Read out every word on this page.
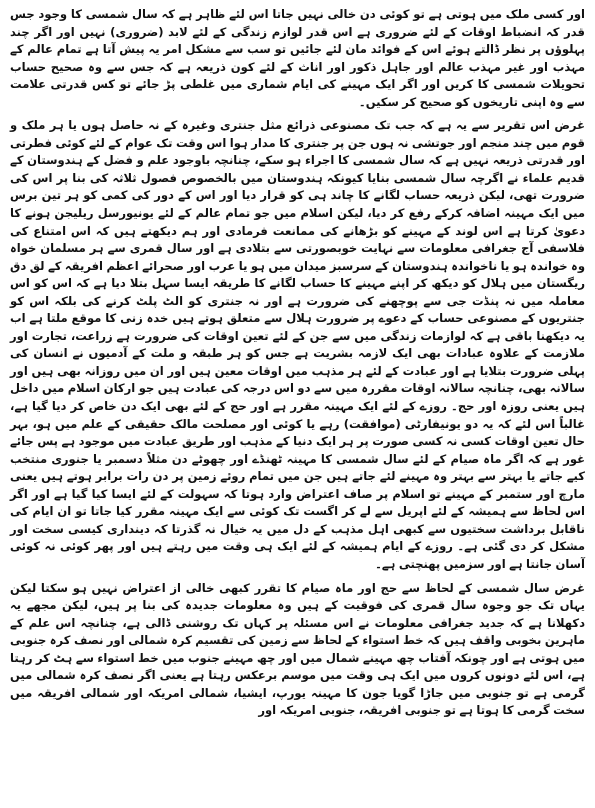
اور کسی ملک میں ہوتی ہے تو کوئی دن خالی نہیں جاتا اس لئے ظاہر ہے کہ سال شمسی کا وجود جس قدر کہ انضباط اوقات کے لئے ضروری ہے اس قدر لوازم زندگی کے لئے لابد (ضروری) نہیں اور اگر چند پہلوؤں پر نظر ڈالتے ہوئے اس کے فوائد مان لئے جائیں تو سب سے مشکل امر یہ پیش آتا ہے تمام عالم کے مہذب اور غیر مہذب عالم اور جاہل ذکور اور اناث کے لئے کون ذریعہ ہے کہ جس سے وہ صحیح حساب تحویلات شمسی کا کریں اور اگر ایک مہینے کی ایام شماری میں غلطی پڑ جائے تو کس قدرتی علامت سے وہ اپنی تاریخوں کو صحیح کر سکیں۔

غرض اس تقریر سے یہ ہے کہ جب تک مصنوعی ذرائع مثل جنتری وغیرہ کے نہ حاصل ہوں یا ہر ملک و قوم میں چند منجم اور جوتشی نہ ہوں جن پر جنتری کا مدار ہوا اس وقت تک عوام کے لئے کوئی فطرتی اور قدرتی ذریعہ نہیں ہے کہ سال شمسی کا اجراء ہو سکے، چنانچہ باوجود علم و فضل کے ہندوستان کے قدیم علماء نے اگرچہ سال شمسی بنایا کیونکہ ہندوستان میں بالخصوص فصول ثلاثہ کی بنا پر اس کی ضرورت تھی، لیکن ذریعہ حساب لگانے کا چاند ہی کو قرار دیا اور اس کے دور کی کمی کو ہر تین برس میں ایک مہینہ اضافہ کرکے رفع کر دیا، لیکن اسلام میں جو تمام عالم کے لئے یونیورسل ریلیجن ہونے کا دعویٰ کرتا ہے اس لوند کے مہینے کو بڑھانے کی ممانعت فرمادی اور ہم دیکھتے ہیں کہ اس امتناع کی فلاسفی آج جغرافی معلومات سے نہایت خوبصورتی سے بتلادی ہے اور سال قمری سے ہر مسلمان خواہ وہ خواندہ ہو یا ناخواندہ ہندوستان کے سرسبز میدان میں ہو یا عرب اور صحرائے اعظم افریقہ کے لق دق ریگستان میں ہلال کو دیکھ کر اپنے مہینے کا حساب لگانے کا طریقہ ایسا سہل بتلا دیا ہے کہ اس کو اس معاملہ میں نہ پنڈت جی سے پوچھنے کی ضرورت ہے اور نہ جنتری کو الٹ پلٹ کرنے کی بلکہ اس کو جنتریوں کے مصنوعی حساب کے دعوے پر ضرورت ہلال سے متعلق ہوتے ہیں خدہ زنی کا موقع ملتا ہے اب یہ دیکھنا باقی ہے کہ لوازمات زندگی میں سے جن کے لئے تعین اوقات کی ضرورت ہے زراعت، تجارت اور ملازمت کے علاوہ عبادات بھی ایک لازمہ بشریت ہے جس کو ہر طبقہ و ملت کے آدمیوں نے انسان کی پہلی ضرورت بتلایا ہے اور عبادت کے لئے ہر مذہب میں اوقات معین ہیں اور ان میں روزانہ بھی ہیں اور سالانہ بھی، چنانچہ سالانہ اوقات مقررہ میں سے دو اس درجہ کی عبادت ہیں جو ارکان اسلام میں داخل ہیں یعنی روزہ اور حج۔ روزے کے لئے ایک مہینہ مقرر ہے اور حج کے لئے بھی ایک دن خاص کر دیا گیا ہے، غالباً اس لئے کہ یہ دو یونیفارٹی (موافقت) رہے یا کوئی اور مصلحت مالک حقیقی کے علم میں ہو، بہر حال تعین اوقات کسی نہ کسی صورت پر ہر ایک دنیا کے مذہب اور طریق عبادت میں موجود ہے پس جائے غور ہے کہ اگر ماہ صیام کے لئے سال شمسی کا مہینہ ٹھنڈے اور چھوٹے دن مثلاً دسمبر یا جنوری منتخب کیے جاتے یا بہتر سے بہتر وہ مہینے لئے جاتے ہیں جن میں تمام روئے زمین پر دن رات برابر ہوتے ہیں یعنی مارچ اور ستمبر کے مہینے تو اسلام پر صاف اعتراض وارد ہوتا کہ سہولت کے لئے ایسا کیا گیا ہے اور اگر اس لحاظ سے ہمیشہ کے لئے اپریل سے لے کر اگست تک کوئی سے ایک مہینہ مقرر کیا جاتا تو ان ایام کی ناقابل برداشت سختیوں سے کبھی اہل مذہب کے دل میں یہ خیال نہ گذرتا کہ دینداری کیسی سخت اور مشکل کر دی گئی ہے۔ روزے کے ایام ہمیشہ کے لئے ایک ہی وقت میں رہتے ہیں اور پھر کوئی نہ کوئی آسان جانتا ہے اور سزمیں پھنچتی ہے۔

غرض سال شمسی کے لحاظ سے حج اور ماہ صیام کا تقرر کبھی خالی از اعتراض نہیں ہو سکتا لیکن یہاں تک جو وجوہ سال قمری کی فوقیت کے ہیں وہ معلومات جدیدہ کی بنا پر ہیں، لیکن مجھے یہ دکھلانا ہے کہ جدید جغرافی معلومات نے اس مسئلہ پر کہاں تک روشنی ڈالی ہے، چنانچہ اس علم کے ماہرین بخوبی واقف ہیں کہ خط استواء کے لحاظ سے زمین کی تقسیم کرہ شمالی اور نصف کرہ جنوبی میں ہوتی ہے اور چونکہ آفتاب چھ مہینے شمال میں اور چھ مہینے جنوب میں خط استواء سے ہٹ کر رہتا ہے، اس لئے دونوں کروں میں ایک ہی وقت میں موسم برعکس رہتا ہے یعنی اگر نصف کرہ شمالی میں گرمی ہے تو جنوبی میں جاڑا گویا جون کا مہینہ یورپ، ایشیا، شمالی امریکہ اور شمالی افریقہ میں سخت گرمی کا ہوتا ہے تو جنوبی افریقہ، جنوبی امریکہ اور
